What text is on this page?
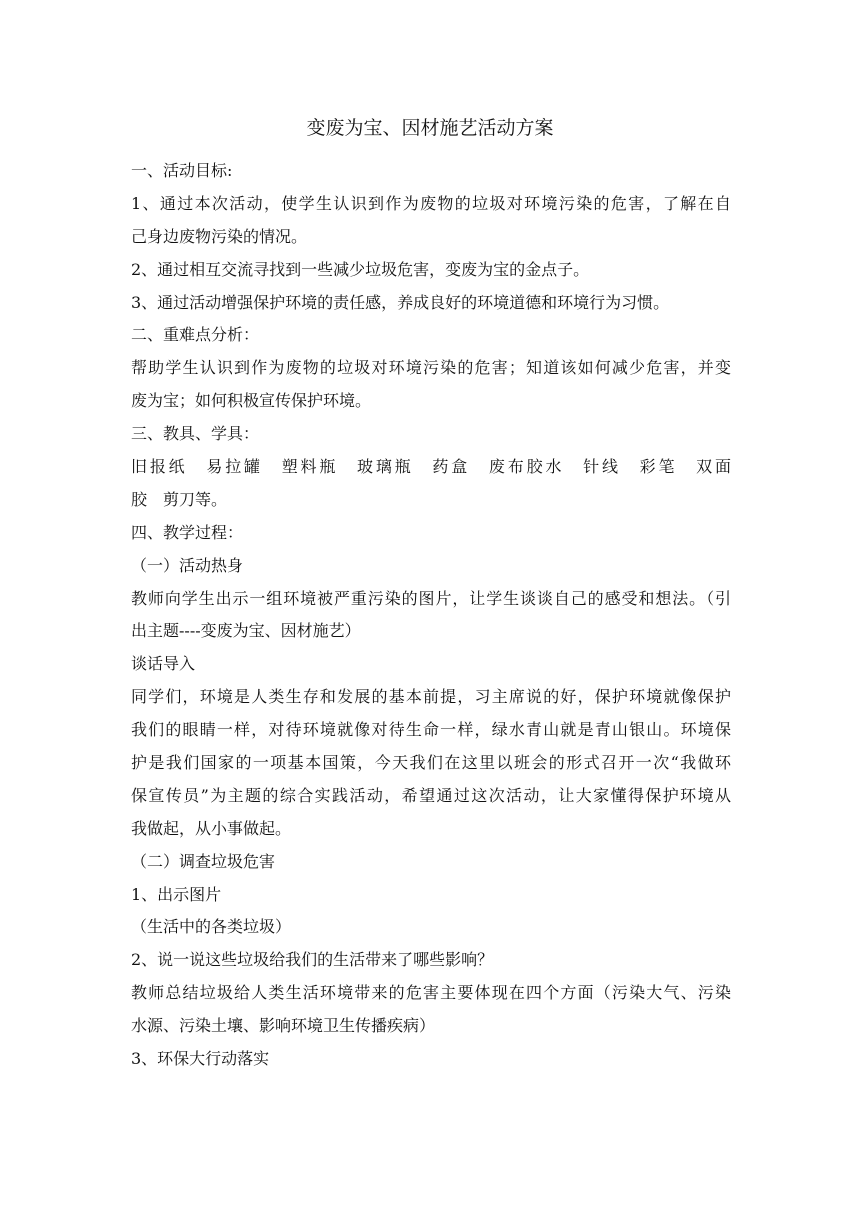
变废为宝、因材施艺活动方案
一、活动目标:
1、通过本次活动，使学生认识到作为废物的垃圾对环境污染的危害，了解在自
己身边废物污染的情况。
2、通过相互交流寻找到一些减少垃圾危害，变废为宝的金点子。
3、通过活动增强保护环境的责任感，养成良好的环境道德和环境行为习惯。
二、重难点分析：
帮助学生认识到作为废物的垃圾对环境污染的危害；知道该如何减少危害，并变
废为宝；如何积极宣传保护环境。
三、教具、学具：
旧报纸　易拉罐　塑料瓶　玻璃瓶　药盒　废布胶水　针线　彩笔　双面
胶　剪刀等。
四、教学过程：
（一）活动热身
教师向学生出示一组环境被严重污染的图片，让学生谈谈自己的感受和想法。（引
出主题----变废为宝、因材施艺）
谈话导入
同学们，环境是人类生存和发展的基本前提，习主席说的好，保护环境就像保护
我们的眼睛一样，对待环境就像对待生命一样，绿水青山就是青山银山。环境保
护是我们国家的一项基本国策，今天我们在这里以班会的形式召开一次“我做环
保宣传员”为主题的综合实践活动，希望通过这次活动，让大家懂得保护环境从
我做起，从小事做起。
（二）调查垃圾危害
1、出示图片
（生活中的各类垃圾）
2、说一说这些垃圾给我们的生活带来了哪些影响？
教师总结垃圾给人类生活环境带来的危害主要体现在四个方面（污染大气、污染
水源、污染土壤、影响环境卫生传播疾病）
3、环保大行动落实
